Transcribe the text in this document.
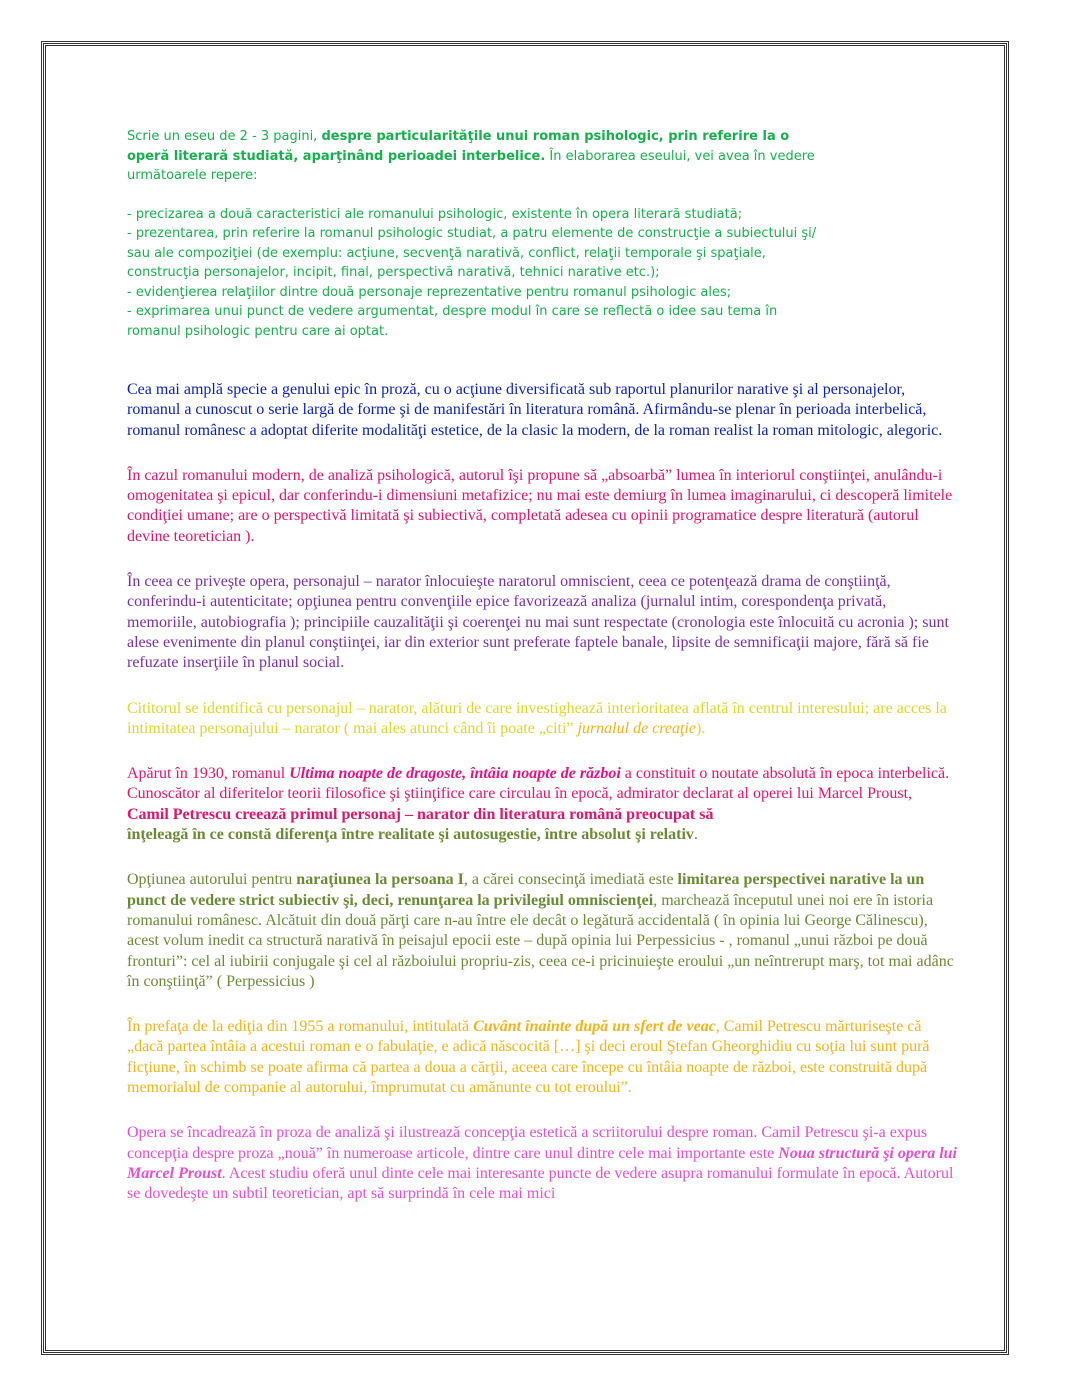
Scrie un eseu de 2 - 3 pagini, despre particularităţile unui roman psihologic, prin referire la o operă literară studiată, aparţinând perioadei interbelice. În elaborarea eseului, vei avea în vedere următoarele repere:

- precizarea a două caracteristici ale romanului psihologic, existente în opera literară studiată;

- prezentarea, prin referire la romanul psihologic studiat, a patru elemente de construcţie a subiectului şi/ sau ale compoziţiei (de exemplu: acţiune, secvenţă narativă, conflict, relaţii temporale şi spaţiale, construcţia personajelor, incipit, final, perspectivă narativă, tehnici narative etc.);

- evidenţierea relaţiilor dintre două personaje reprezentative pentru romanul psihologic ales;

- exprimarea unui punct de vedere argumentat, despre modul în care se reflectă o idee sau tema în romanul psihologic pentru care ai optat.

Cea mai amplă specie a genului epic în proză, cu o acţiune diversificată sub raportul planurilor narative şi al personajelor, romanul a cunoscut o serie largă de forme şi de manifestări în literatura română. Afirmându-se plenar în perioada interbelică, romanul românesc a adoptat diferite modalităţi estetice, de la clasic la modern, de la roman realist la roman mitologic, alegoric.

În cazul romanului modern, de analiză psihologică, autorul îşi propune să „absoarbă” lumea în interiorul conştiinţei, anulându-i omogenitatea şi epicul, dar conferindu-i dimensiuni metafizice; nu mai este demiurg în lumea imaginarului, ci descoperă limitele condiţiei umane; are o perspectivă limitată şi subiectivă, completată adesea cu opinii programatice despre literatură (autorul devine teoretician ).

În ceea ce priveşte opera, personajul – narator înlocuieşte naratorul omniscient, ceea ce potenţează drama de conştiinţă, conferindu-i autenticitate; opţiunea pentru convenţiile epice favorizează analiza (jurnalul intim, corespondenţa privată, memoriile, autobiografia ); principiile cauzalităţii şi coerenţei nu mai sunt respectate (cronologia este înlocuită cu acronia ); sunt alese evenimente din planul conştiinţei, iar din exterior sunt preferate faptele banale, lipsite de semnificaţii majore, fără să fie refuzate inserţiile în planul social.

Cititorul se identifică cu personajul – narator, alături de care investighează interioritatea aflată în centrul interesului; are acces la intimitatea personajului – narator ( mai ales atunci când îi poate „citi” jurnalul de creaţie).

Apărut în 1930, romanul Ultima noapte de dragoste, întâia noapte de război a constituit o noutate absolută în epoca interbelică. Cunoscător al diferitelor teorii filosofice şi ştiinţifice care circulau în epocă, admirator declarat al operei lui Marcel Proust, Camil Petrescu creează primul personaj – narator din literatura română preocupat să
înţeleagă în ce constă diferenţa între realitate şi autosugestie, între absolut şi relativ.

Opţiunea autorului pentru naraţiunea la persoana I, a cărei consecinţă imediată este limitarea perspectivei narative la un punct de vedere strict subiectiv şi, deci, renunţarea la privilegiul omniscienţei, marchează începutul unei noi ere în istoria romanului românesc. Alcătuit din două părţi care n-au între ele decât o legătură accidentală ( în opinia lui George Călinescu), acest volum inedit ca structură narativă în peisajul epocii este – după opinia lui Perpessicius - , romanul „unui război pe două fronturi”: cel al iubirii conjugale şi cel al războiului propriu-zis, ceea ce-i pricinuieşte eroului „un neîntrerupt marş, tot mai adânc în conştiinţă” ( Perpessicius )

În prefaţa de la ediţia din 1955 a romanului, intitulată Cuvânt înainte după un sfert de veac, Camil Petrescu mărturiseşte că „dacă partea întâia a acestui roman e o fabulaţie, e adică născocită […] şi deci eroul Ştefan Gheorghidiu cu soţia lui sunt pură ficţiune, în schimb se poate afirma că partea a doua a cărţii, aceea care începe cu întâia noapte de război, este construită după memorialul de companie al autorului, împrumutat cu amănunte cu tot eroului”.

Opera se încadrează în proza de analiză şi ilustrează concepţia estetică a scriitorului despre roman. Camil Petrescu şi-a expus concepţia despre proza „nouă” în numeroase articole, dintre care unul dintre cele mai importante este Noua structură şi opera lui Marcel Proust. Acest studiu oferă unul dinte cele mai interesante puncte de vedere asupra romanului formulate în epocă. Autorul se dovedeşte un subtil teoretician, apt să surprindă în cele mai mici
